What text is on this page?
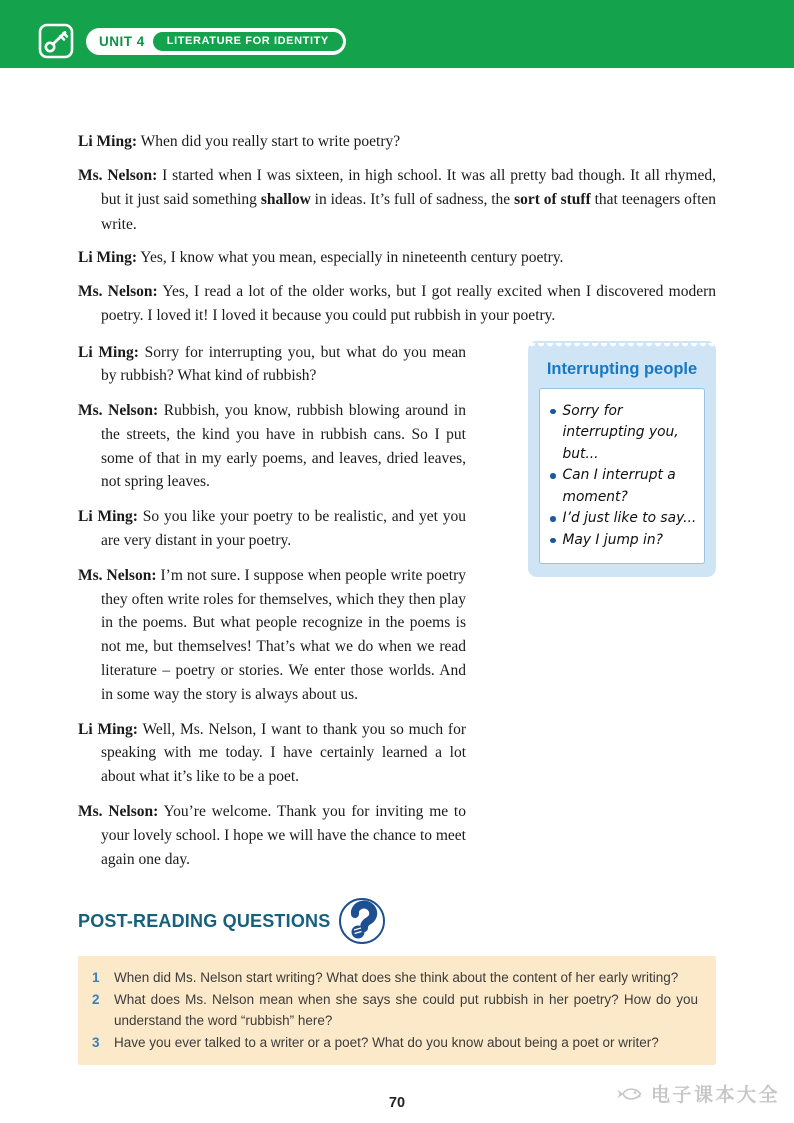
UNIT 4	LITERATURE FOR IDENTITY

Li Ming: When did you really start to write poetry?

Ms. Nelson: I started when I was sixteen, in high school. It was all pretty bad though. It all rhymed, but it just said something shallow in ideas. It’s full of sadness, the sort of stuff that teenagers often write.

Li Ming: Yes, I know what you mean, especially in nineteenth century poetry.

Ms. Nelson: Yes, I read a lot of the older works, but I got really excited when I discovered modern poetry. I loved it! I loved it because you could put rubbish in your poetry.

Li Ming: Sorry for interrupting you, but what do you mean by rubbish? What kind of rubbish?

Ms. Nelson: Rubbish, you know, rubbish blowing around in the streets, the kind you have in rubbish cans. So I put some of that in my early poems, and leaves, dried leaves, not spring leaves.

Li Ming: So you like your poetry to be realistic, and yet you are very distant in your poetry.

Ms. Nelson: I’m not sure. I suppose when people write poetry they often write roles for themselves, which they then play in the poems. But what people recognize in the poems is not me, but themselves! That’s what we do when we read literature – poetry or stories. We enter those worlds. And in some way the story is always about us.

Li Ming: Well, Ms. Nelson, I want to thank you so much for speaking with me today. I have certainly learned a lot about what it’s like to be a poet.

Ms. Nelson: You’re welcome. Thank you for inviting me to your lovely school. I hope we will have the chance to meet again one day.

Interrupting people
Sorry for interrupting you, but...
Can I interrupt a moment?
I’d just like to say...
May I jump in?
POST-READING QUESTIONS
1	When did Ms. Nelson start writing? What does she think about the content of her early writing?
2	What does Ms. Nelson mean when she says she could put rubbish in her poetry? How do you understand the word “rubbish” here?
3	Have you ever talked to a writer or a poet? What do you know about being a poet or writer?
70	电子课本大全
